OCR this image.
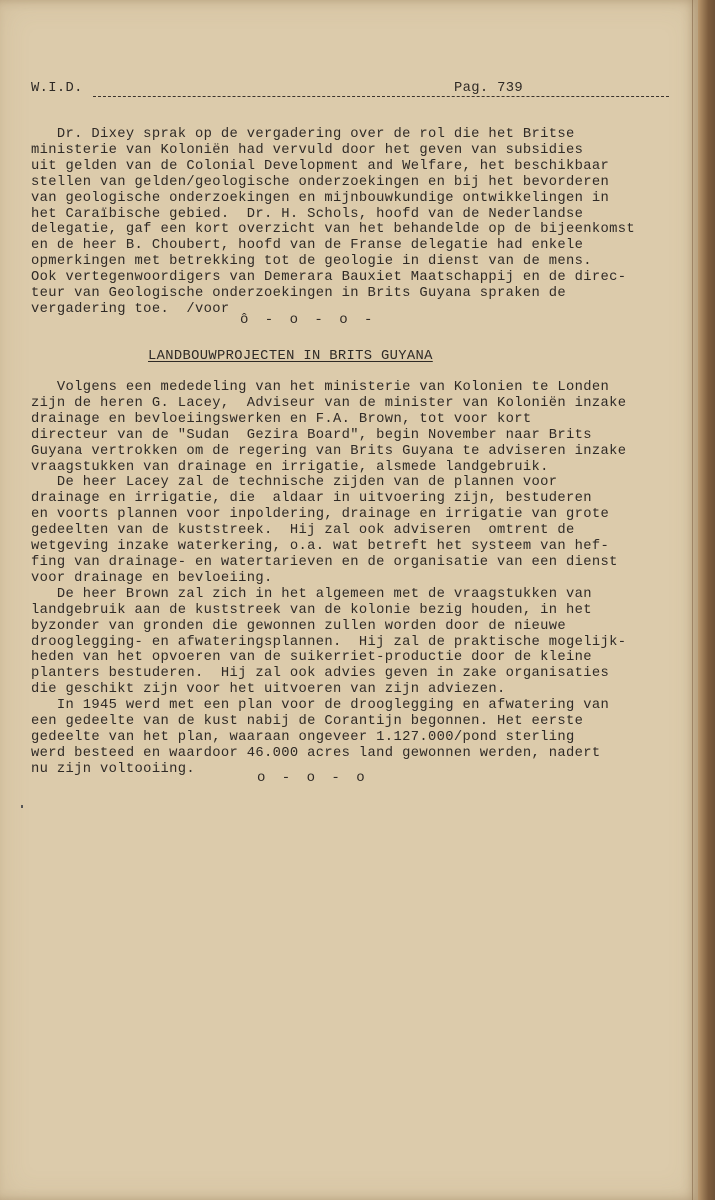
W.I.D.	Pag. 739
Dr. Dixey sprak op de vergadering over de rol die het Britse
ministerie van Koloniën had vervuld door het geven van subsidies
uit gelden van de Colonial Development and Welfare, het beschikbaar
stellen van gelden/geologische onderzoekingen en bij het bevorderen
van geologische onderzoekingen en mijnbouwkundige ontwikkelingen in
het Caraïbische gebied.  Dr. H. Schols, hoofd van de Nederlandse
delegatie, gaf een kort overzicht van het behandelde op de bijeenkomst
en de heer B. Choubert, hoofd van de Franse delegatie had enkele
opmerkingen met betrekking tot de geologie in dienst van de mens.
Ook vertegenwoordigers van Demerara Bauxiet Maatschappij en de direc-
teur van Geologische onderzoekingen in Brits Guyana spraken de
vergadering toe.  /voor
ô - o - o -
LANDBOUWPROJECTEN IN BRITS GUYANA
Volgens een mededeling van het ministerie van Kolonien te Londen
zijn de heren G. Lacey,  Adviseur van de minister van Koloniën inzake
drainage en bevloeiingswerken en F.A. Brown, tot voor kort
directeur van de "Sudan  Gezira Board", begin November naar Brits
Guyana vertrokken om de regering van Brits Guyana te adviseren inzake
vraagstukken van drainage en irrigatie, alsmede landgebruik.
De heer Lacey zal de technische zijden van de plannen voor
drainage en irrigatie, die  aldaar in uitvoering zijn, bestuderen
en voorts plannen voor inpoldering, drainage en irrigatie van grote
gedeelten van de kuststreek.  Hij zal ook adviseren  omtrent de
wetgeving inzake waterkering, o.a. wat betreft het systeem van hef-
fing van drainage- en watertarieven en de organisatie van een dienst
voor drainage en bevloeiing.
De heer Brown zal zich in het algemeen met de vraagstukken van
landgebruik aan de kuststreek van de kolonie bezig houden, in het
byzonder van gronden die gewonnen zullen worden door de nieuwe
drooglegging- en afwateringsplannen.  Hij zal de praktische mogelijk-
heden van het opvoeren van de suikerriet-productie door de kleine
planters bestuderen.  Hij zal ook advies geven in zake organisaties
die geschikt zijn voor het uitvoeren van zijn adviezen.
In 1945 werd met een plan voor de drooglegging en afwatering van
een gedeelte van de kust nabij de Corantijn begonnen. Het eerste
gedeelte van het plan, waaraan ongeveer 1.127.000/pond sterling
werd besteed en waardoor 46.000 acres land gewonnen werden, nadert
nu zijn voltooiing.
o - o - o
